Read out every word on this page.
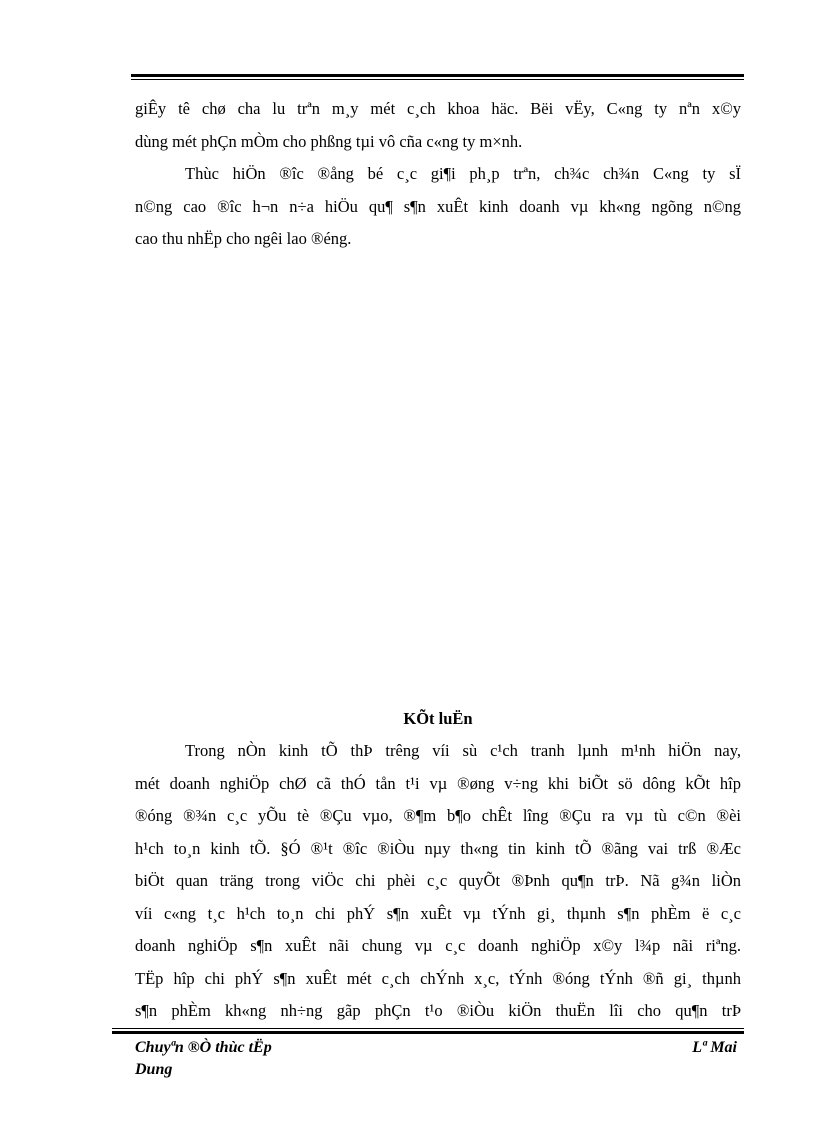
giÊy tê chø cha lu trªn m¸y mét c¸ch khoa häc. Bëi vËy, C«ng ty nªn x©y
dùng mét phÇn mÒm cho phßng tµi vô cña c«ng ty m×nh.
Thùc hiÖn ®îc ®ång bé c¸c gi¶i ph¸p trªn, ch¾c ch¾n C«ng ty sÏ
n©ng cao ®îc h¬n n÷a hiÖu qu¶ s¶n xuÊt kinh doanh vµ kh«ng ngõng n©ng
cao thu nhËp cho ngêi lao ®éng.
KÕt luËn
Trong nÒn kinh tÕ thÞ trêng víi sù c¹ch tranh lµnh m¹nh hiÖn nay,
mét doanh nghiÖp chØ cã thÓ tån t¹i vµ ®øng v÷ng khi biÕt sö dông kÕt hîp
®óng ®¾n c¸c yÕu tè ®Çu vµo, ®¶m b¶o chÊt lîng ®Çu ra vµ tù c©n ®èi
h¹ch to¸n kinh tÕ. §Ó ®¹t ®îc ®iÒu nµy th«ng tin kinh tÕ ®ãng vai trß ®Æc
biÖt quan träng trong viÖc chi phèi c¸c quyÕt ®Þnh qu¶n trÞ. Nã g¾n liÒn
víi c«ng t¸c h¹ch to¸n chi phÝ s¶n xuÊt vµ tÝnh gi¸ thµnh s¶n phÈm ë c¸c
doanh nghiÖp s¶n xuÊt nãi chung vµ c¸c doanh nghiÖp x©y l¾p nãi riªng.
TËp hîp chi phÝ s¶n xuÊt mét c¸ch chÝnh x¸c, tÝnh ®óng tÝnh ®ñ gi¸ thµnh
s¶n phÈm kh«ng nh÷ng gãp phÇn t¹o ®iÒu kiÖn thuËn lîi cho qu¶n trÞ
Chuyªn ®Ò thùc tËp
Dung
Lª Mai
